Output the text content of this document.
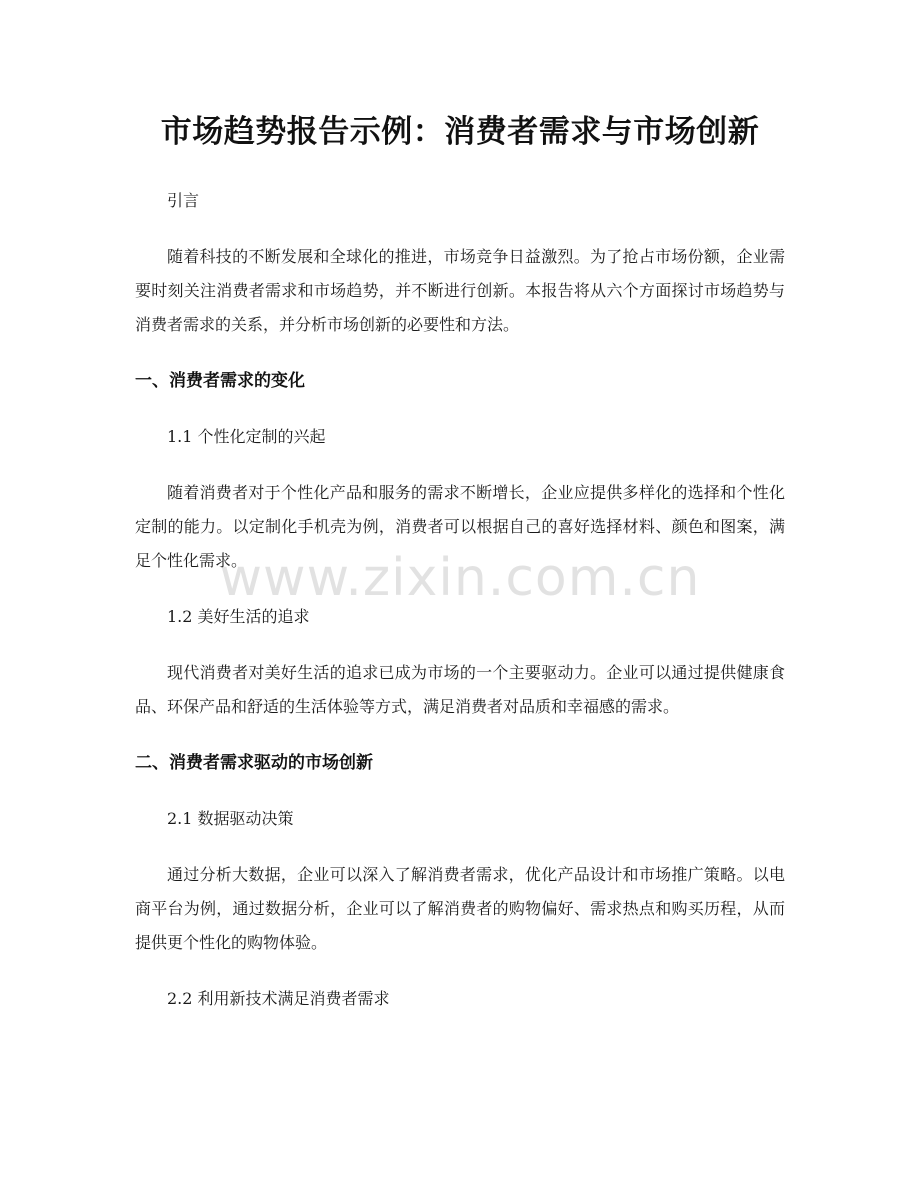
市场趋势报告示例：消费者需求与市场创新

引言

随着科技的不断发展和全球化的推进，市场竞争日益激烈。为了抢占市场份额，企业需要时刻关注消费者需求和市场趋势，并不断进行创新。本报告将从六个方面探讨市场趋势与消费者需求的关系，并分析市场创新的必要性和方法。

一、消费者需求的变化

1.1 个性化定制的兴起

随着消费者对于个性化产品和服务的需求不断增长，企业应提供多样化的选择和个性化定制的能力。以定制化手机壳为例，消费者可以根据自己的喜好选择材料、颜色和图案，满足个性化需求。

1.2 美好生活的追求

现代消费者对美好生活的追求已成为市场的一个主要驱动力。企业可以通过提供健康食品、环保产品和舒适的生活体验等方式，满足消费者对品质和幸福感的需求。

二、消费者需求驱动的市场创新

2.1 数据驱动决策

通过分析大数据，企业可以深入了解消费者需求，优化产品设计和市场推广策略。以电商平台为例，通过数据分析，企业可以了解消费者的购物偏好、需求热点和购买历程，从而提供更个性化的购物体验。

2.2 利用新技术满足消费者需求

www.zixin.com.cn
